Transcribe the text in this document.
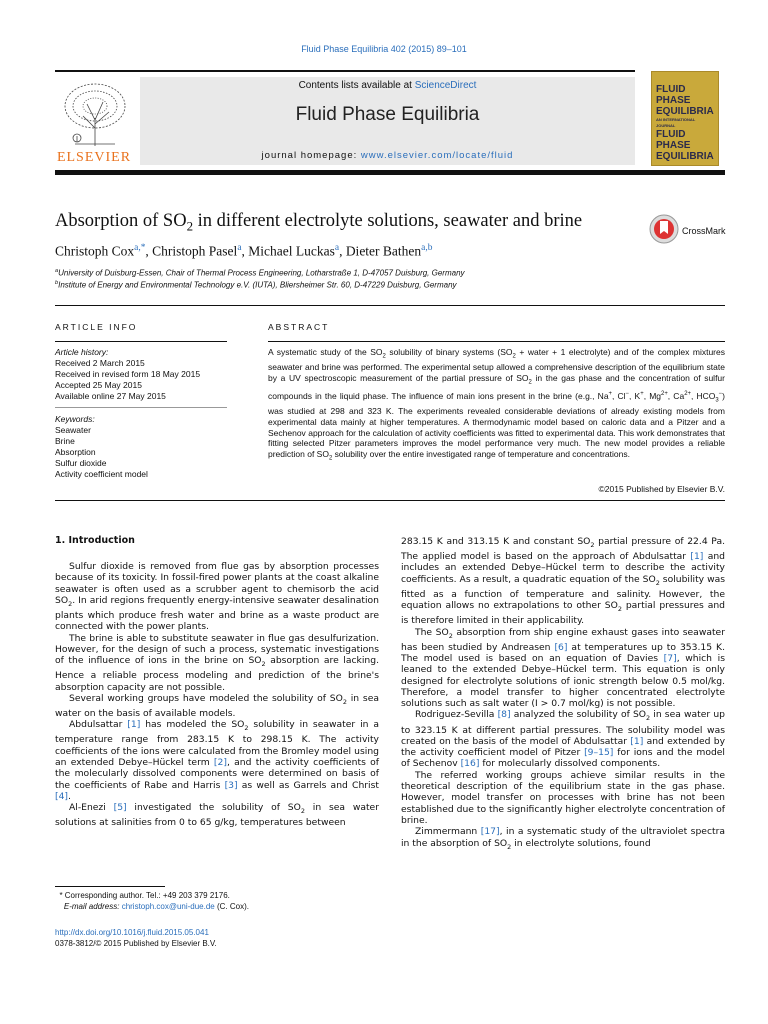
Fluid Phase Equilibria 402 (2015) 89–101
ELSEVIER
Contents lists available at ScienceDirect
Fluid Phase Equilibria
journal homepage: www.elsevier.com/locate/fluid
FLUID PHASE
EQUILIBRIA
AN INTERNATIONAL JOURNAL
FLUID PHASE
EQUILIBRIA
Absorption of $SO_2$ in different electrolyte solutions, seawater and brine	CrossMark
Christoph Cox$^{a,*}$, Christoph Pasel$^a$, Michael Luckas$^a$, Dieter Bathen$^{a,b}$
$^a$University of Duisburg-Essen, Chair of Thermal Process Engineering, Lotharstraße 1, D-47057 Duisburg, Germany
$^b$Institute of Energy and Environmental Technology e.V. (IUTA), Bliersheimer Str. 60, D-47229 Duisburg, Germany
ARTICLE INFO
Article history:
Received 2 March 2015
Received in revised form 18 May 2015
Accepted 25 May 2015
Available online 27 May 2015
Keywords:
Seawater
Brine
Absorption
Sulfur dioxide
Activity coefficient model
ABSTRACT
A systematic study of the $SO_2$ solubility of binary systems ($SO_2$ + water + 1 electrolyte) and of the complex mixtures seawater and brine was performed. The experimental setup allowed a comprehensive description of the equilibrium state by a UV spectroscopic measurement of the partial pressure of $SO_2$ in the gas phase and the concentration of sulfur compounds in the liquid phase. The influence of main ions present in the brine (e.g., Na+, Cl−, K+, $Mg^{2+}$, $Ca^{2+}$, $HCO_3^-$) was studied at 298 and 323 K. The experiments revealed considerable deviations of already existing models from experimental data mainly at higher temperatures. A thermodynamic model based on caloric data and a Pitzer and a Sechenov approach for the calculation of activity coefficients was fitted to experimental data. This work demonstrates that fitting selected Pitzer parameters improves the model performance very much. The new model provides a reliable prediction of $SO_2$ solubility over the entire investigated range of temperature and concentrations.
©2015 Published by Elsevier B.V.
1. Introduction

Sulfur dioxide is removed from flue gas by absorption processes because of its toxicity. In fossil-fired power plants at the coast alkaline seawater is often used as a scrubber agent to chemisorb the acid $SO_2$. In arid regions frequently energy-intensive seawater desalination plants which produce fresh water and brine as a waste product are connected with the power plants.

The brine is able to substitute seawater in flue gas desulfurization. However, for the design of such a process, systematic investigations of the influence of ions in the brine on $SO_2$ absorption are lacking. Hence a reliable process modeling and prediction of the brine's absorption capacity are not possible.

Several working groups have modeled the solubility of $SO_2$ in sea water on the basis of available models.

Abdulsattar [1] has modeled the $SO_2$ solubility in seawater in a temperature range from 283.15 K to 298.15 K. The activity coefficients of the ions were calculated from the Bromley model using an extended Debye–Hückel term [2], and the activity coefficients of the molecularly dissolved components were determined on basis of the coefficients of Rabe and Harris [3] as well as Garrels and Christ [4].

Al-Enezi [5] investigated the solubility of $SO_2$ in sea water solutions at salinities from 0 to 65 g/kg, temperatures between

283.15 K and 313.15 K and constant $SO_2$ partial pressure of 22.4 Pa. The applied model is based on the approach of Abdulsattar [1] and includes an extended Debye–Hückel term to describe the activity coefficients. As a result, a quadratic equation of the $SO_2$ solubility was fitted as a function of temperature and salinity. However, the equation allows no extrapolations to other $SO_2$ partial pressures and is therefore limited in their applicability.

The $SO_2$ absorption from ship engine exhaust gases into seawater has been studied by Andreasen [6] at temperatures up to 353.15 K. The model used is based on an equation of Davies [7], which is leaned to the extended Debye–Hückel term. This equation is only designed for electrolyte solutions of ionic strength below 0.5 mol/kg. Therefore, a model transfer to higher concentrated electrolyte solutions such as salt water (I > 0.7 mol/kg) is not possible.

Rodriguez-Sevilla [8] analyzed the solubility of $SO_2$ in sea water up to 323.15 K at different partial pressures. The solubility model was created on the basis of the model of Abdulsattar [1] and extended by the activity coefficient model of Pitzer [9–15] for ions and the model of Sechenov [16] for molecularly dissolved components.

The referred working groups achieve similar results in the theoretical description of the equilibrium state in the gas phase. However, model transfer on processes with brine has not been established due to the significantly higher electrolyte concentration of brine.

Zimmermann [17], in a systematic study of the ultraviolet spectra in the absorption of $SO_2$ in electrolyte solutions, found

* Corresponding author. Tel.: +49 203 379 2176.
E-mail address: christoph.cox@uni-due.de (C. Cox).
http://dx.doi.org/10.1016/j.fluid.2015.05.041
0378-3812/© 2015 Published by Elsevier B.V.
